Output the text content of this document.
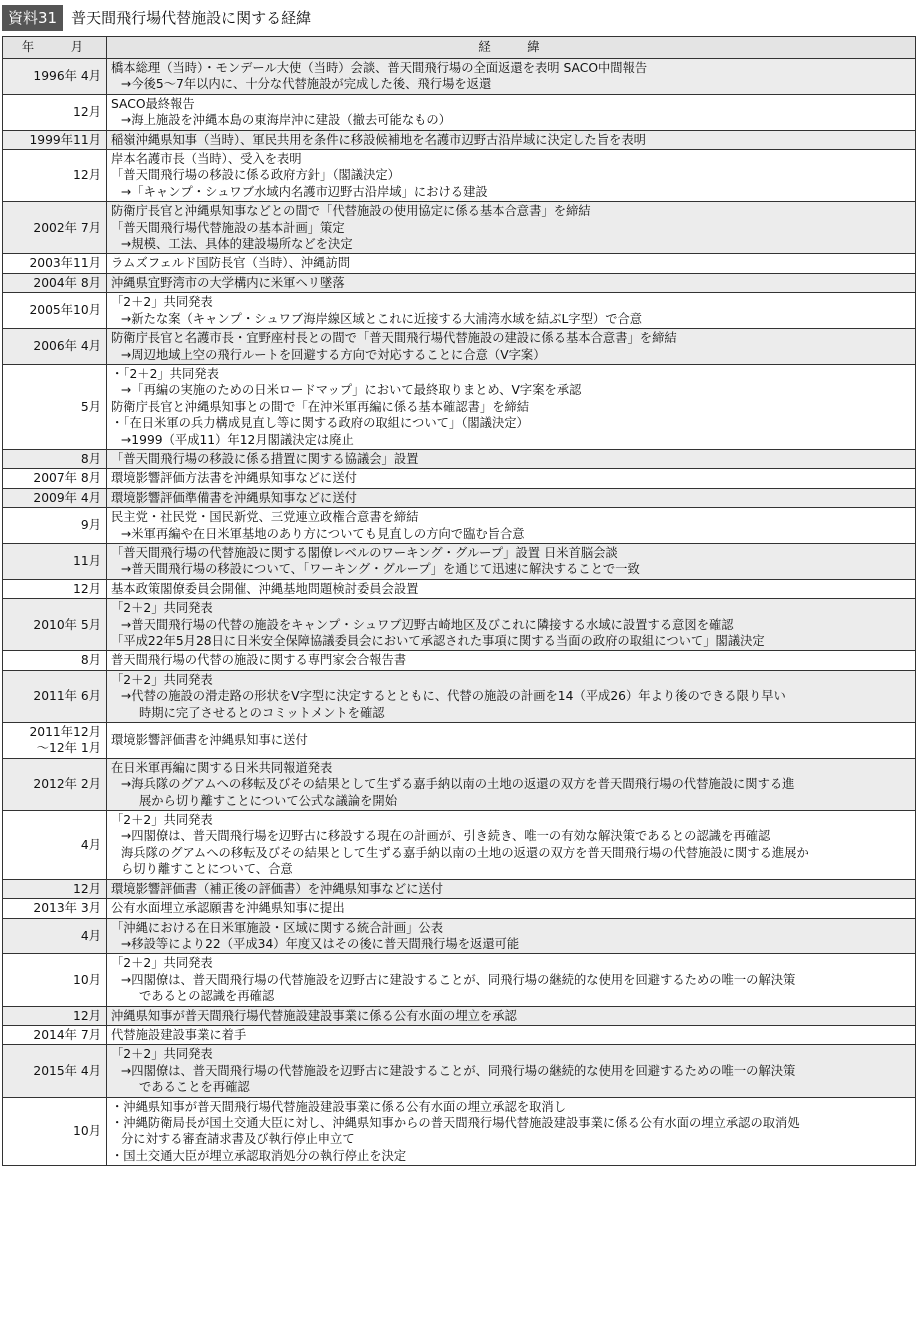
資料31 普天間飛行場代替施設に関する経緯
年　　月	経　　緯

1996年 4月	橋本総理（当時）・モンデール大使（当時）会談、普天間飛行場の全面返還を表明 SACO中間報告
→今後5〜7年以内に、十分な代替施設が完成した後、飛行場を返還

12月	SACO最終報告
→海上施設を沖縄本島の東海岸沖に建設（撤去可能なもの）

1999年11月	稲嶺沖縄県知事（当時）、軍民共用を条件に移設候補地を名護市辺野古沿岸域に決定した旨を表明

12月	岸本名護市長（当時）、受入を表明
「普天間飛行場の移設に係る政府方針」（閣議決定）
→「キャンプ・シュワブ水域内名護市辺野古沿岸域」における建設

2002年 7月	防衛庁長官と沖縄県知事などとの間で「代替施設の使用協定に係る基本合意書」を締結
「普天間飛行場代替施設の基本計画」策定
→規模、工法、具体的建設場所などを決定

2003年11月	ラムズフェルド国防長官（当時）、沖縄訪問

2004年 8月	沖縄県宜野湾市の大学構内に米軍ヘリ墜落

2005年10月	「2＋2」共同発表
→新たな案（キャンプ・シュワブ海岸線区域とこれに近接する大浦湾水域を結ぶL字型）で合意

2006年 4月	防衛庁長官と名護市長・宜野座村長との間で「普天間飛行場代替施設の建設に係る基本合意書」を締結
→周辺地域上空の飛行ルートを回避する方向で対応することに合意（V字案）

5月	・「2＋2」共同発表
→「再編の実施のための日米ロードマップ」において最終取りまとめ、V字案を承認
防衛庁長官と沖縄県知事との間で「在沖米軍再編に係る基本確認書」を締結
・「在日米軍の兵力構成見直し等に関する政府の取組について」（閣議決定）
→1999（平成11）年12月閣議決定は廃止

8月	「普天間飛行場の移設に係る措置に関する協議会」設置

2007年 8月	環境影響評価方法書を沖縄県知事などに送付

2009年 4月	環境影響評価準備書を沖縄県知事などに送付

9月	民主党・社民党・国民新党、三党連立政権合意書を締結
→米軍再編や在日米軍基地のあり方についても見直しの方向で臨む旨合意

11月	「普天間飛行場の代替施設に関する閣僚レベルのワーキング・グループ」設置 日米首脳会談
→普天間飛行場の移設について、「ワーキング・グループ」を通じて迅速に解決することで一致

12月	基本政策閣僚委員会開催、沖縄基地問題検討委員会設置

2010年 5月	「2＋2」共同発表
→普天間飛行場の代替の施設をキャンプ・シュワブ辺野古崎地区及びこれに隣接する水域に設置する意図を確認
「平成22年5月28日に日米安全保障協議委員会において承認された事項に関する当面の政府の取組について」閣議決定

8月	普天間飛行場の代替の施設に関する専門家会合報告書

2011年 6月	「2＋2」共同発表
→代替の施設の滑走路の形状をV字型に決定するとともに、代替の施設の計画を14（平成26）年より後のできる限り早い
時期に完了させるとのコミットメントを確認

2011年12月
〜12年 1月	環境影響評価書を沖縄県知事に送付

2012年 2月	在日米軍再編に関する日米共同報道発表
→海兵隊のグアムへの移転及びその結果として生ずる嘉手納以南の土地の返還の双方を普天間飛行場の代替施設に関する進
展から切り離すことについて公式な議論を開始

4月	「2＋2」共同発表
→四閣僚は、普天間飛行場を辺野古に移設する現在の計画が、引き続き、唯一の有効な解決策であるとの認識を再確認
海兵隊のグアムへの移転及びその結果として生ずる嘉手納以南の土地の返還の双方を普天間飛行場の代替施設に関する進展か
ら切り離すことについて、合意

12月	環境影響評価書（補正後の評価書）を沖縄県知事などに送付

2013年 3月	公有水面埋立承認願書を沖縄県知事に提出

4月	「沖縄における在日米軍施設・区域に関する統合計画」公表
→移設等により22（平成34）年度又はその後に普天間飛行場を返還可能

10月	「2＋2」共同発表
→四閣僚は、普天間飛行場の代替施設を辺野古に建設することが、同飛行場の継続的な使用を回避するための唯一の解決策
であるとの認識を再確認

12月	沖縄県知事が普天間飛行場代替施設建設事業に係る公有水面の埋立を承認

2014年 7月	代替施設建設事業に着手

2015年 4月	「2＋2」共同発表
→四閣僚は、普天間飛行場の代替施設を辺野古に建設することが、同飛行場の継続的な使用を回避するための唯一の解決策
であることを再確認

10月	・沖縄県知事が普天間飛行場代替施設建設事業に係る公有水面の埋立承認を取消し
・沖縄防衛局長が国土交通大臣に対し、沖縄県知事からの普天間飛行場代替施設建設事業に係る公有水面の埋立承認の取消処
分に対する審査請求書及び執行停止申立て
・国土交通大臣が埋立承認取消処分の執行停止を決定
